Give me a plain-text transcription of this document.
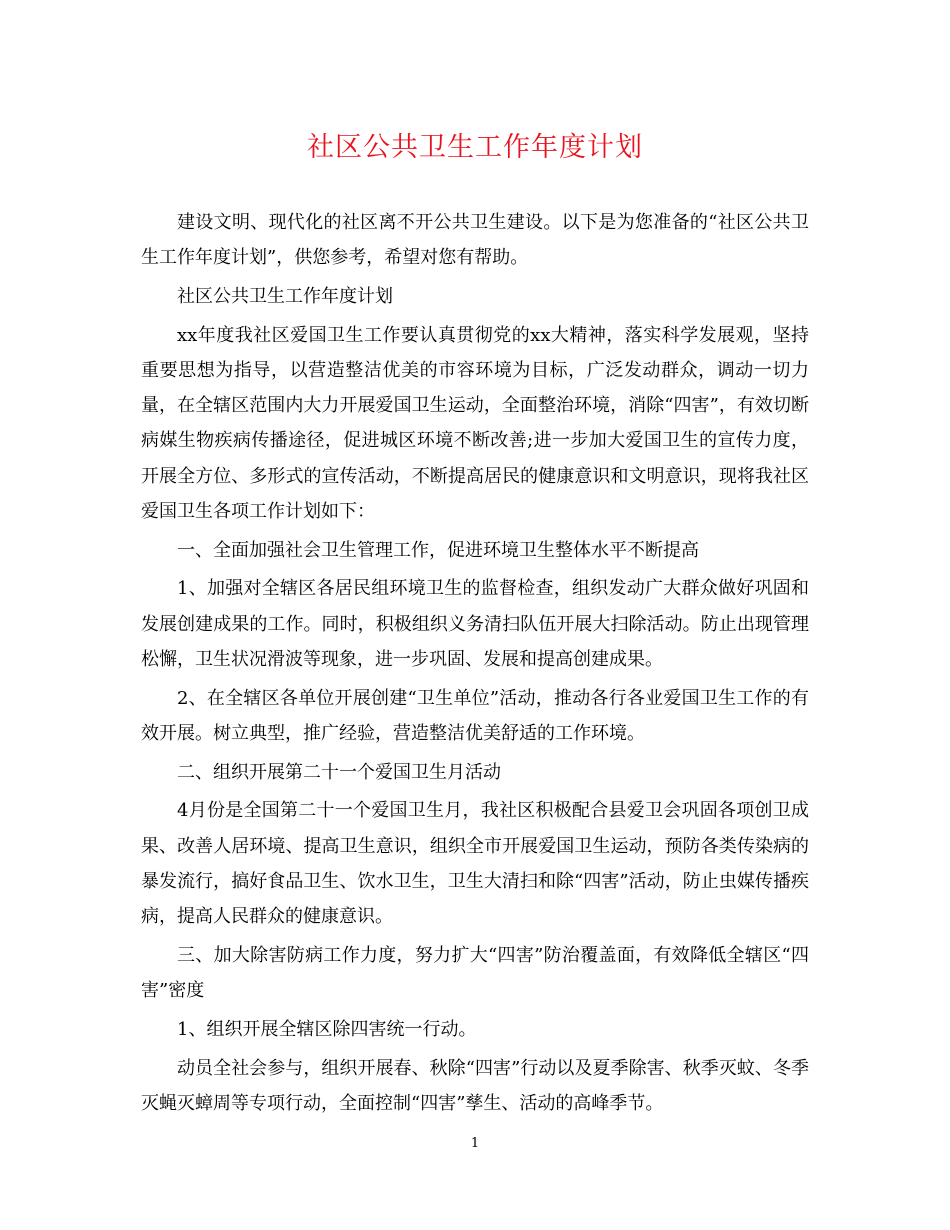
社区公共卫生工作年度计划

建设文明、现代化的社区离不开公共卫生建设。以下是为您准备的“社区公共卫生工作年度计划”，供您参考，希望对您有帮助。

社区公共卫生工作年度计划

xx年度我社区爱国卫生工作要认真贯彻党的xx大精神，落实科学发展观，坚持重要思想为指导，以营造整洁优美的市容环境为目标，广泛发动群众，调动一切力量，在全辖区范围内大力开展爱国卫生运动，全面整治环境，消除“四害”，有效切断病媒生物疾病传播途径，促进城区环境不断改善;进一步加大爱国卫生的宣传力度，开展全方位、多形式的宣传活动，不断提高居民的健康意识和文明意识，现将我社区爱国卫生各项工作计划如下：

一、全面加强社会卫生管理工作，促进环境卫生整体水平不断提高

1、加强对全辖区各居民组环境卫生的监督检查，组织发动广大群众做好巩固和发展创建成果的工作。同时，积极组织义务清扫队伍开展大扫除活动。防止出现管理松懈，卫生状况滑波等现象，进一步巩固、发展和提高创建成果。

2、在全辖区各单位开展创建“卫生单位”活动，推动各行各业爱国卫生工作的有效开展。树立典型，推广经验，营造整洁优美舒适的工作环境。

二、组织开展第二十一个爱国卫生月活动

4月份是全国第二十一个爱国卫生月，我社区积极配合县爱卫会巩固各项创卫成果、改善人居环境、提高卫生意识，组织全市开展爱国卫生运动，预防各类传染病的暴发流行，搞好食品卫生、饮水卫生，卫生大清扫和除“四害”活动，防止虫媒传播疾病，提高人民群众的健康意识。

三、加大除害防病工作力度，努力扩大“四害”防治覆盖面，有效降低全辖区“四害”密度

1、组织开展全辖区除四害统一行动。

动员全社会参与，组织开展春、秋除“四害”行动以及夏季除害、秋季灭蚊、冬季灭蝇灭蟑周等专项行动，全面控制“四害”孳生、活动的高峰季节。

1
